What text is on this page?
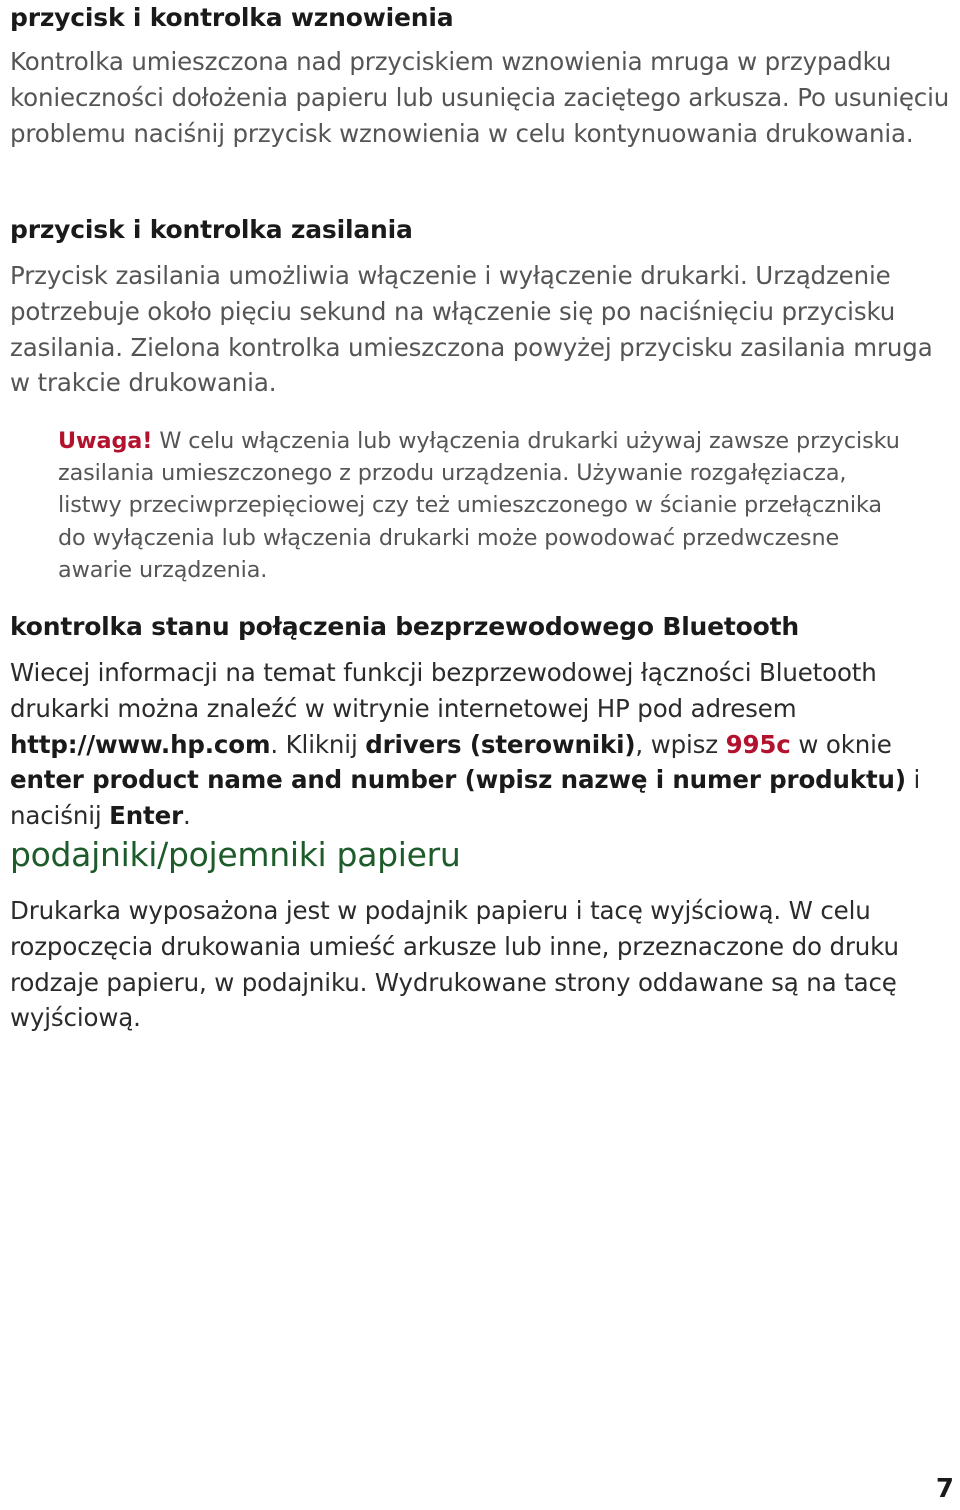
przycisk i kontrolka wznowienia

Kontrolka umieszczona nad przyciskiem wznowienia mruga w przypadku konieczności dołożenia papieru lub usunięcia zaciętego arkusza. Po usunięciu problemu naciśnij przycisk wznowienia w celu kontynuowania drukowania.

przycisk i kontrolka zasilania

Przycisk zasilania umożliwia włączenie i wyłączenie drukarki. Urządzenie potrzebuje około pięciu sekund na włączenie się po naciśnięciu przycisku zasilania. Zielona kontrolka umieszczona powyżej przycisku zasilania mruga w trakcie drukowania.

Uwaga! W celu włączenia lub wyłączenia drukarki używaj zawsze przycisku zasilania umieszczonego z przodu urządzenia. Używanie rozgałęziacza, listwy przeciwprzepięciowej czy też umieszczonego w ścianie przełącznika do wyłączenia lub włączenia drukarki może powodować przedwczesne awarie urządzenia.

kontrolka stanu połączenia bezprzewodowego Bluetooth

Wiecej informacji na temat funkcji bezprzewodowej łączności Bluetooth drukarki można znaleźć w witrynie internetowej HP pod adresem http://www.hp.com. Kliknij drivers (sterowniki), wpisz 995c w oknie enter product name and number (wpisz nazwę i numer produktu) i naciśnij Enter.

podajniki/pojemniki papieru

Drukarka wyposażona jest w podajnik papieru i tacę wyjściową. W celu rozpoczęcia drukowania umieść arkusze lub inne, przeznaczone do druku rodzaje papieru, w podajniku. Wydrukowane strony oddawane są na tacę wyjściową.

7
